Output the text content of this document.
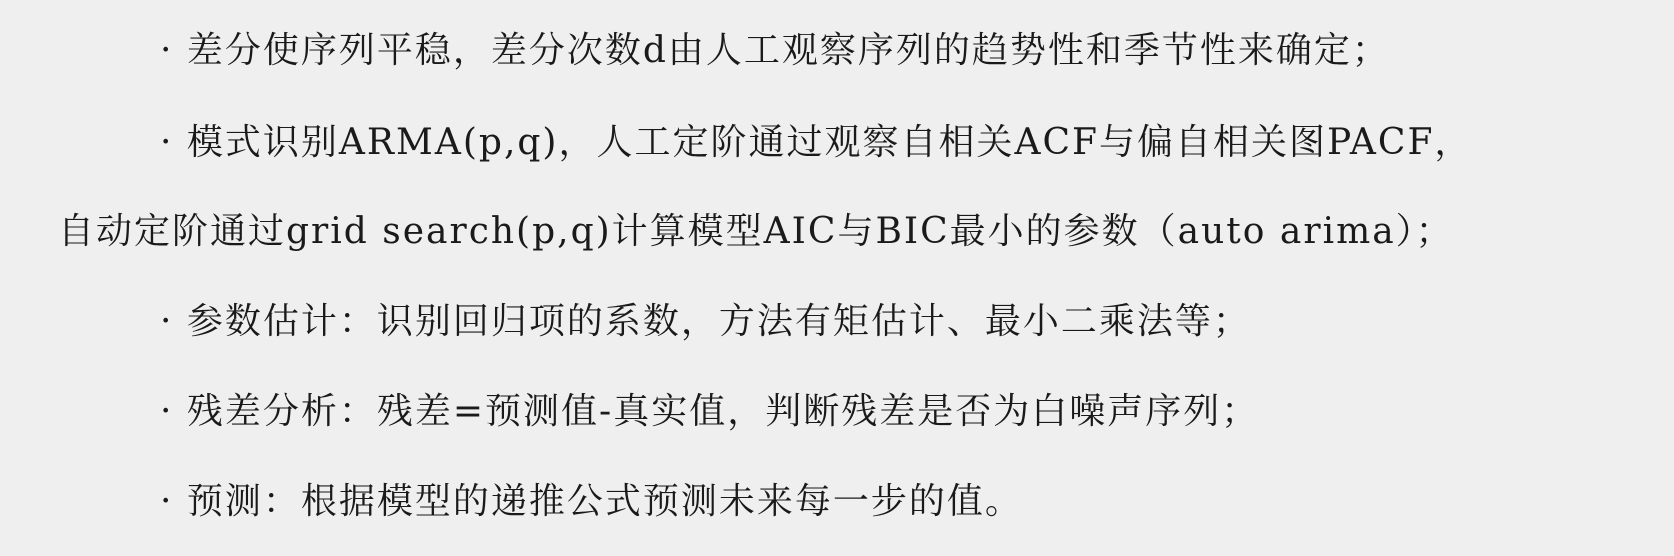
· 差分使序列平稳，差分次数d由人工观察序列的趋势性和季节性来确定；
· 模式识别ARMA(p,q)，人工定阶通过观察自相关ACF与偏自相关图PACF，
自动定阶通过grid search(p,q)计算模型AIC与BIC最小的参数（auto arima）；
· 参数估计：识别回归项的系数，方法有矩估计、最小二乘法等；
· 残差分析：残差=预测值-真实值，判断残差是否为白噪声序列；
· 预测：根据模型的递推公式预测未来每一步的值。
